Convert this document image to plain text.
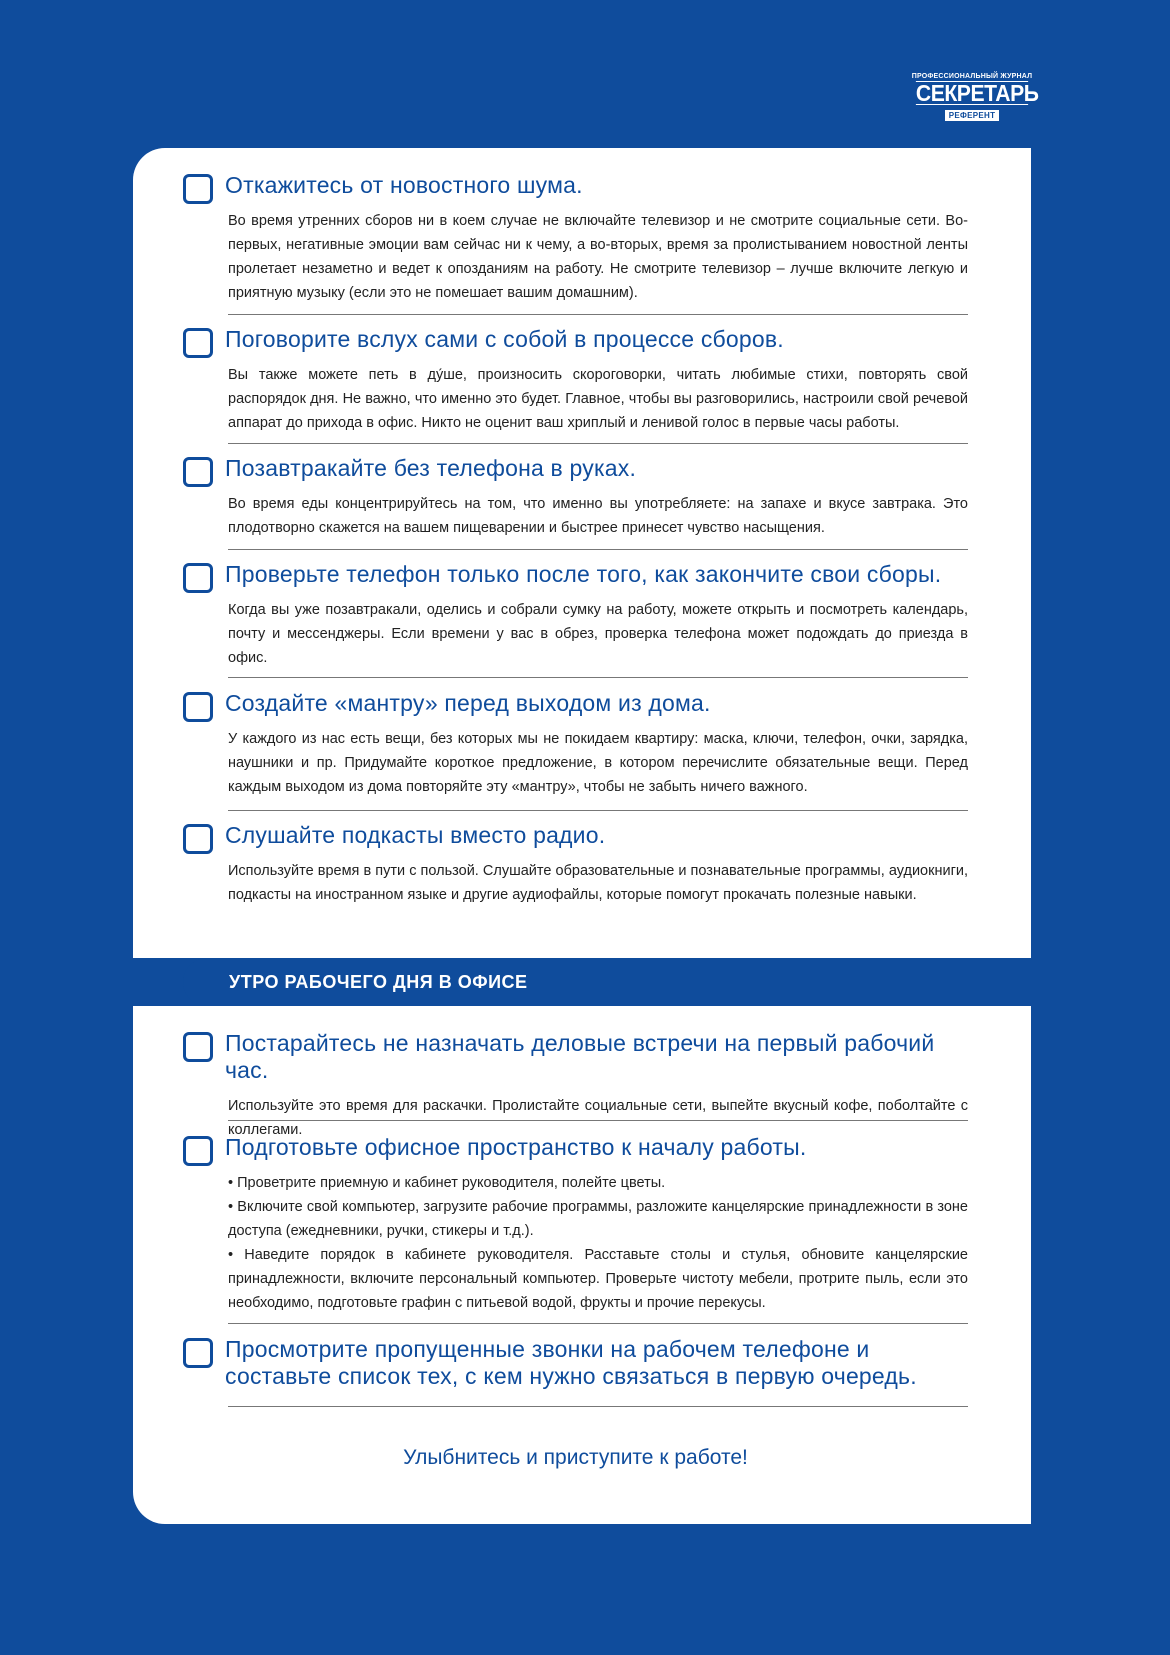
ПРОФЕССИОНАЛЬНЫЙ ЖУРНАЛ
СЕКРЕТАРЬ
РЕФЕРЕНТ
Откажитесь от новостного шума.
Во время утренних сборов ни в коем случае не включайте телевизор и не смотрите социальные сети. Во-первых, негативные эмоции вам сейчас ни к чему, а во-вторых, время за пролистыванием новостной ленты пролетает незаметно и ведет к опозданиям на работу. Не смотрите телевизор – лучше включите легкую и приятную музыку (если это не помешает вашим домашним).
Поговорите вслух сами с собой в процессе сборов.
Вы также можете петь в ду́ше, произносить скороговорки, читать любимые стихи, повторять свой распорядок дня. Не важно, что именно это будет. Главное, чтобы вы разговорились, настроили свой речевой аппарат до прихода в офис. Никто не оценит ваш хриплый и ленивой голос в первые часы работы.
Позавтракайте без телефона в руках.
Во время еды концентрируйтесь на том, что именно вы употребляете: на запахе и вкусе завтрака. Это плодотворно скажется на вашем пищеварении и быстрее принесет чувство насыщения.
Проверьте телефон только после того, как закончите свои сборы.
Когда вы уже позавтракали, оделись и собрали сумку на работу, можете открыть и посмотреть календарь, почту и мессенджеры. Если времени у вас в обрез, проверка телефона может подождать до приезда в офис.
Создайте «мантру» перед выходом из дома.
У каждого из нас есть вещи, без которых мы не покидаем квартиру: маска, ключи, телефон, очки, зарядка, наушники и пр. Придумайте короткое предложение, в котором перечислите обязательные вещи. Перед каждым выходом из дома повторяйте эту «мантру», чтобы не забыть ничего важного.
Слушайте подкасты вместо радио.
Используйте время в пути с пользой. Слушайте образовательные и познавательные программы, аудиокниги, подкасты на иностранном языке и другие аудиофайлы, которые помогут прокачать полезные навыки.
УТРО РАБОЧЕГО ДНЯ В ОФИСЕ
Постарайтесь не назначать деловые встречи на первый рабочий час.
Используйте это время для раскачки. Пролистайте социальные сети, выпейте вкусный кофе, поболтайте с коллегами.
Подготовьте офисное пространство к началу работы.

• Проветрите приемную и кабинет руководителя, полейте цветы.

• Включите свой компьютер, загрузите рабочие программы, разложите канцелярские принадлежности в зоне доступа (ежедневники, ручки, стикеры и т.д.).

• Наведите порядок в кабинете руководителя. Расставьте столы и стулья, обновите канцелярские принадлежности, включите персональный компьютер. Проверьте чистоту мебели, протрите пыль, если это необходимо, подготовьте графин с питьевой водой, фрукты и прочие перекусы.

Просмотрите пропущенные звонки на рабочем телефоне и составьте список тех, с кем нужно связаться в первую очередь.
Улыбнитесь и приступите к работе!
